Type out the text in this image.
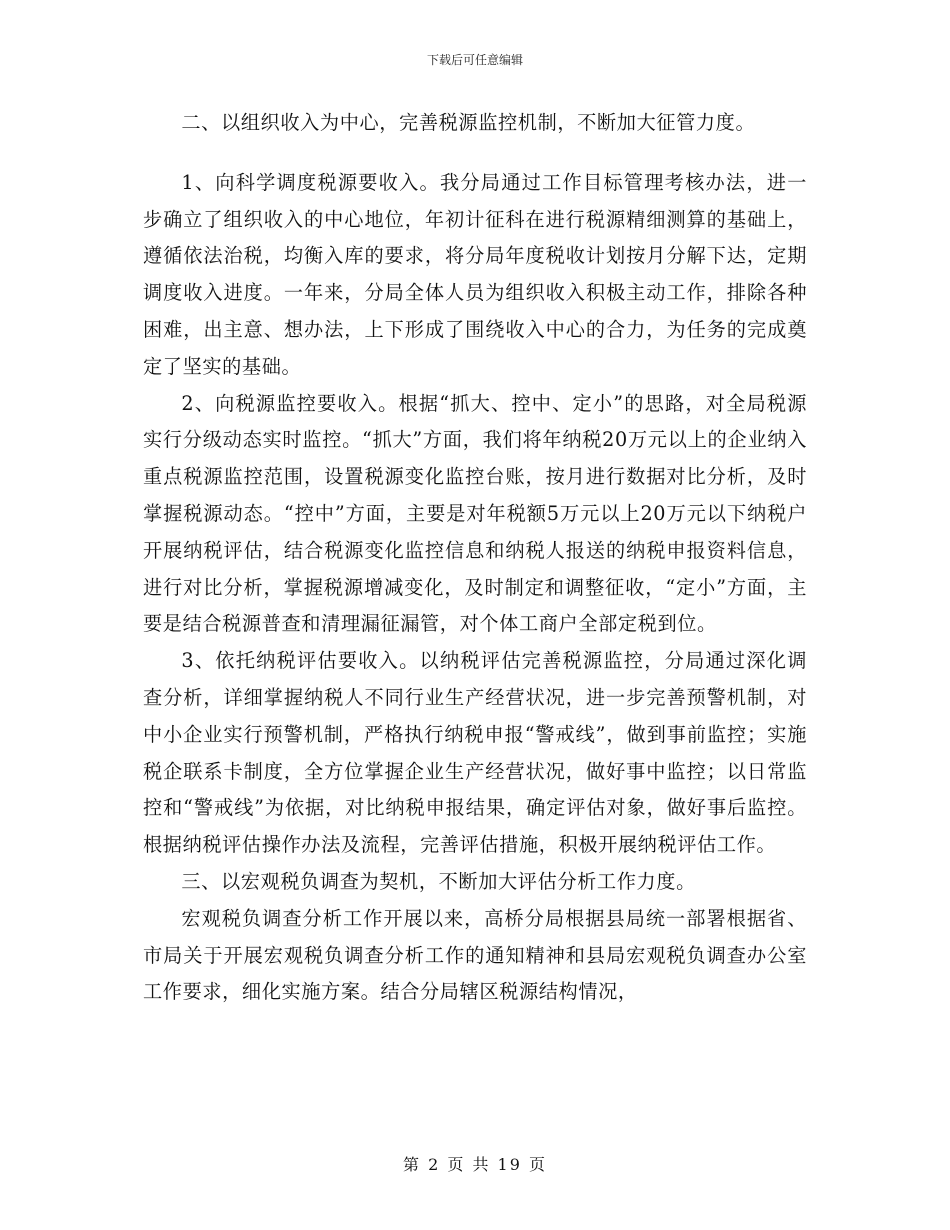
下载后可任意编辑

二、以组织收入为中心，完善税源监控机制，不断加大征管力度。

1、向科学调度税源要收入。我分局通过工作目标管理考核办法，进一步确立了组织收入的中心地位，年初计征科在进行税源精细测算的基础上，遵循依法治税，均衡入库的要求，将分局年度税收计划按月分解下达，定期调度收入进度。一年来，分局全体人员为组织收入积极主动工作，排除各种困难，出主意、想办法，上下形成了围绕收入中心的合力，为任务的完成奠定了坚实的基础。

2、向税源监控要收入。根据“抓大、控中、定小”的思路，对全局税源实行分级动态实时监控。“抓大”方面，我们将年纳税20万元以上的企业纳入重点税源监控范围，设置税源变化监控台账，按月进行数据对比分析，及时掌握税源动态。“控中”方面，主要是对年税额5万元以上20万元以下纳税户开展纳税评估，结合税源变化监控信息和纳税人报送的纳税申报资料信息，进行对比分析，掌握税源增减变化，及时制定和调整征收，“定小”方面，主要是结合税源普查和清理漏征漏管，对个体工商户全部定税到位。

3、依托纳税评估要收入。以纳税评估完善税源监控，分局通过深化调查分析，详细掌握纳税人不同行业生产经营状况，进一步完善预警机制，对中小企业实行预警机制，严格执行纳税申报“警戒线”，做到事前监控；实施税企联系卡制度，全方位掌握企业生产经营状况，做好事中监控；以日常监控和“警戒线”为依据，对比纳税申报结果，确定评估对象，做好事后监控。根据纳税评估操作办法及流程，完善评估措施，积极开展纳税评估工作。

三、以宏观税负调查为契机，不断加大评估分析工作力度。

宏观税负调查分析工作开展以来，高桥分局根据县局统一部署根据省、市局关于开展宏观税负调查分析工作的通知精神和县局宏观税负调查办公室工作要求，细化实施方案。结合分局辖区税源结构情况，

第 2 页 共 19 页
